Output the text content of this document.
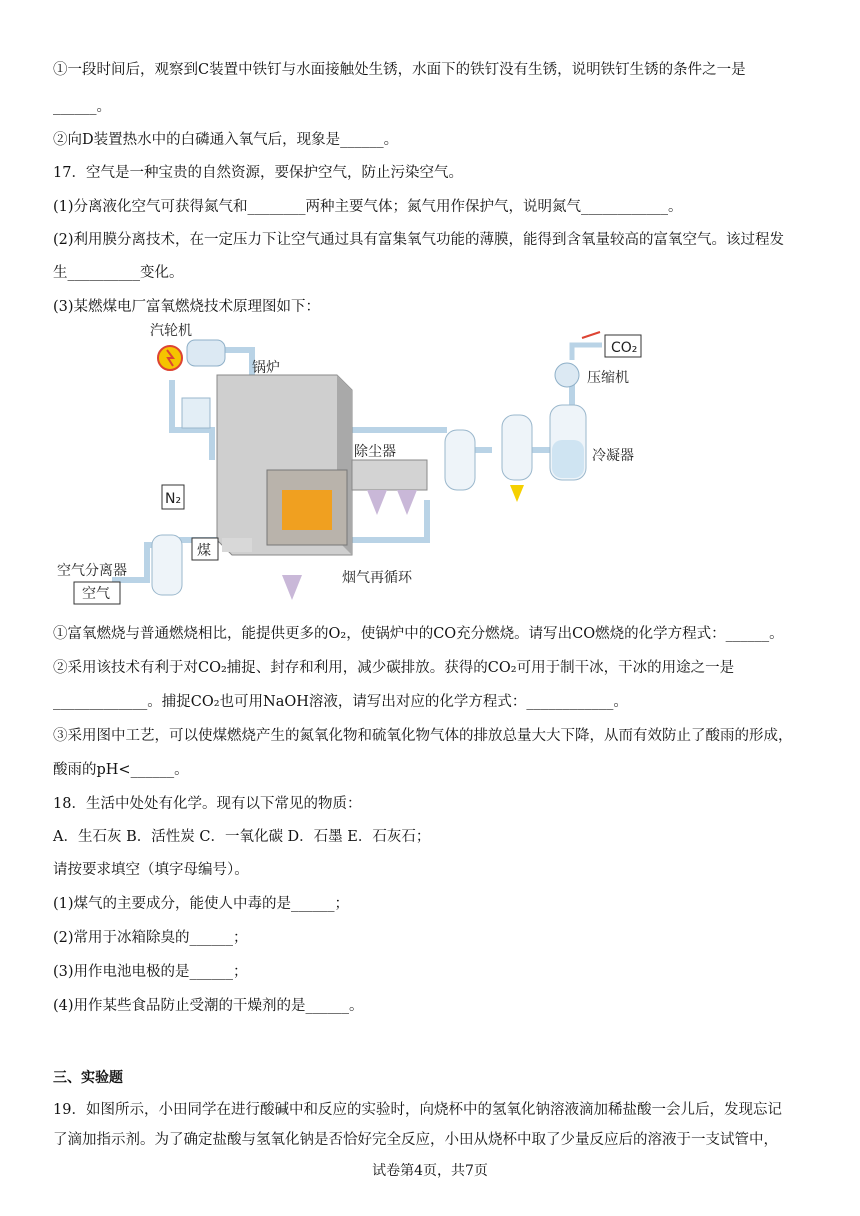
①一段时间后，观察到C装置中铁钉与水面接触处生锈，水面下的铁钉没有生锈，说明铁钉生锈的条件之一是
______。
②向D装置热水中的白磷通入氧气后，现象是______。
17．空气是一种宝贵的自然资源，要保护空气，防止污染空气。
(1)分离液化空气可获得氮气和________两种主要气体；氮气用作保护气，说明氮气____________。
(2)利用膜分离技术，在一定压力下让空气通过具有富集氧气功能的薄膜，能得到含氧量较高的富氧空气。该过程发
生__________变化。
(3)某燃煤电厂富氧燃烧技术原理图如下：
汽轮机
锅炉
除尘器	冷凝器
压缩机
CO₂
N₂
煤
空气分离器
空气
烟气再循环
①富氧燃烧与普通燃烧相比，能提供更多的O₂，使锅炉中的CO充分燃烧。请写出CO燃烧的化学方程式：______。
②采用该技术有利于对CO₂捕捉、封存和利用，减少碳排放。获得的CO₂可用于制干冰，干冰的用途之一是
_____________。捕捉CO₂也可用NaOH溶液，请写出对应的化学方程式：____________。
③采用图中工艺，可以使煤燃烧产生的氮氧化物和硫氧化物气体的排放总量大大下降，从而有效防止了酸雨的形成，
酸雨的pH<______。
18．生活中处处有化学。现有以下常见的物质：
A．生石灰 B．活性炭 C．一氧化碳 D．石墨 E．石灰石；
请按要求填空（填字母编号）。
(1)煤气的主要成分，能使人中毒的是______；
(2)常用于冰箱除臭的______；
(3)用作电池电极的是______；
(4)用作某些食品防止受潮的干燥剂的是______。
三、实验题
19．如图所示，小田同学在进行酸碱中和反应的实验时，向烧杯中的氢氧化钠溶液滴加稀盐酸一会儿后，发现忘记
了滴加指示剂。为了确定盐酸与氢氧化钠是否恰好完全反应，小田从烧杯中取了少量反应后的溶液于一支试管中，
试卷第4页，共7页
